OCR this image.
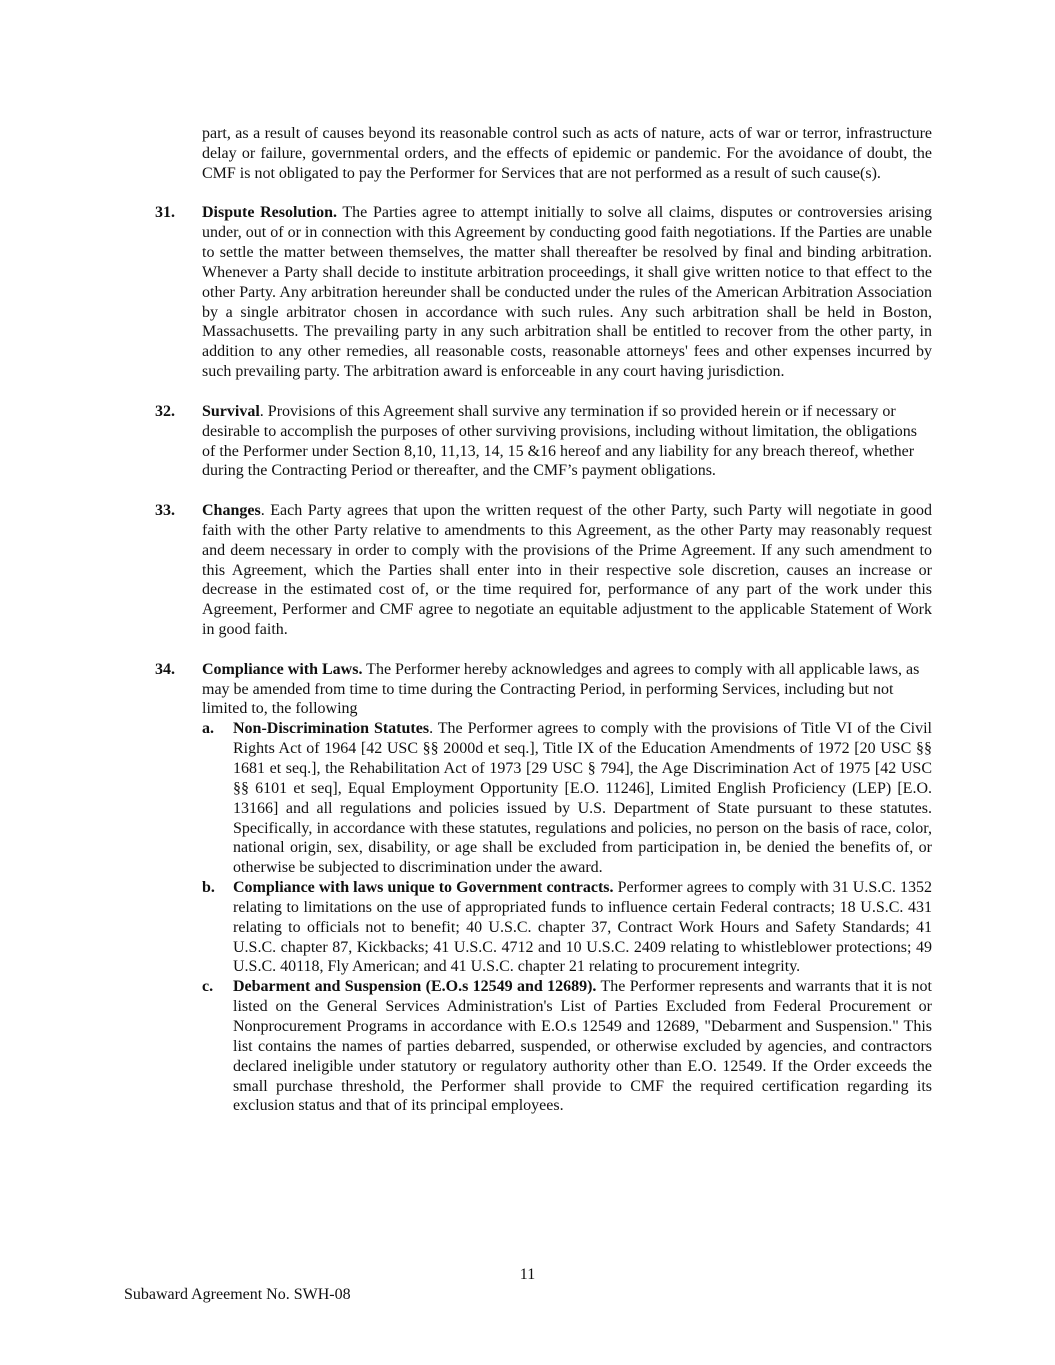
part, as a result of causes beyond its reasonable control such as acts of nature, acts of war or terror, infrastructure delay or failure, governmental orders, and the effects of epidemic or pandemic. For the avoidance of doubt, the CMF is not obligated to pay the Performer for Services that are not performed as a result of such cause(s).
31. Dispute Resolution. The Parties agree to attempt initially to solve all claims, disputes or controversies arising under, out of or in connection with this Agreement by conducting good faith negotiations. If the Parties are unable to settle the matter between themselves, the matter shall thereafter be resolved by final and binding arbitration. Whenever a Party shall decide to institute arbitration proceedings, it shall give written notice to that effect to the other Party. Any arbitration hereunder shall be conducted under the rules of the American Arbitration Association by a single arbitrator chosen in accordance with such rules. Any such arbitration shall be held in Boston, Massachusetts. The prevailing party in any such arbitration shall be entitled to recover from the other party, in addition to any other remedies, all reasonable costs, reasonable attorneys' fees and other expenses incurred by such prevailing party. The arbitration award is enforceable in any court having jurisdiction.
32. Survival. Provisions of this Agreement shall survive any termination if so provided herein or if necessary or desirable to accomplish the purposes of other surviving provisions, including without limitation, the obligations of the Performer under Section 8,10, 11,13, 14, 15 &16 hereof and any liability for any breach thereof, whether during the Contracting Period or thereafter, and the CMF’s payment obligations.
33. Changes. Each Party agrees that upon the written request of the other Party, such Party will negotiate in good faith with the other Party relative to amendments to this Agreement, as the other Party may reasonably request and deem necessary in order to comply with the provisions of the Prime Agreement. If any such amendment to this Agreement, which the Parties shall enter into in their respective sole discretion, causes an increase or decrease in the estimated cost of, or the time required for, performance of any part of the work under this Agreement, Performer and CMF agree to negotiate an equitable adjustment to the applicable Statement of Work in good faith.
34. Compliance with Laws. The Performer hereby acknowledges and agrees to comply with all applicable laws, as may be amended from time to time during the Contracting Period, in performing Services, including but not limited to, the following
a. Non-Discrimination Statutes. The Performer agrees to comply with the provisions of Title VI of the Civil Rights Act of 1964 [42 USC §§ 2000d et seq.], Title IX of the Education Amendments of 1972 [20 USC §§ 1681 et seq.], the Rehabilitation Act of 1973 [29 USC § 794], the Age Discrimination Act of 1975 [42 USC §§ 6101 et seq], Equal Employment Opportunity [E.O. 11246], Limited English Proficiency (LEP) [E.O. 13166] and all regulations and policies issued by U.S. Department of State pursuant to these statutes. Specifically, in accordance with these statutes, regulations and policies, no person on the basis of race, color, national origin, sex, disability, or age shall be excluded from participation in, be denied the benefits of, or otherwise be subjected to discrimination under the award.
b. Compliance with laws unique to Government contracts. Performer agrees to comply with 31 U.S.C. 1352 relating to limitations on the use of appropriated funds to influence certain Federal contracts; 18 U.S.C. 431 relating to officials not to benefit; 40 U.S.C. chapter 37, Contract Work Hours and Safety Standards; 41 U.S.C. chapter 87, Kickbacks; 41 U.S.C. 4712 and 10 U.S.C. 2409 relating to whistleblower protections; 49 U.S.C. 40118, Fly American; and 41 U.S.C. chapter 21 relating to procurement integrity.
c. Debarment and Suspension (E.O.s 12549 and 12689). The Performer represents and warrants that it is not listed on the General Services Administration's List of Parties Excluded from Federal Procurement or Nonprocurement Programs in accordance with E.O.s 12549 and 12689, "Debarment and Suspension." This list contains the names of parties debarred, suspended, or otherwise excluded by agencies, and contractors declared ineligible under statutory or regulatory authority other than E.O. 12549. If the Order exceeds the small purchase threshold, the Performer shall provide to CMF the required certification regarding its exclusion status and that of its principal employees.
11
Subaward Agreement No. SWH-08
